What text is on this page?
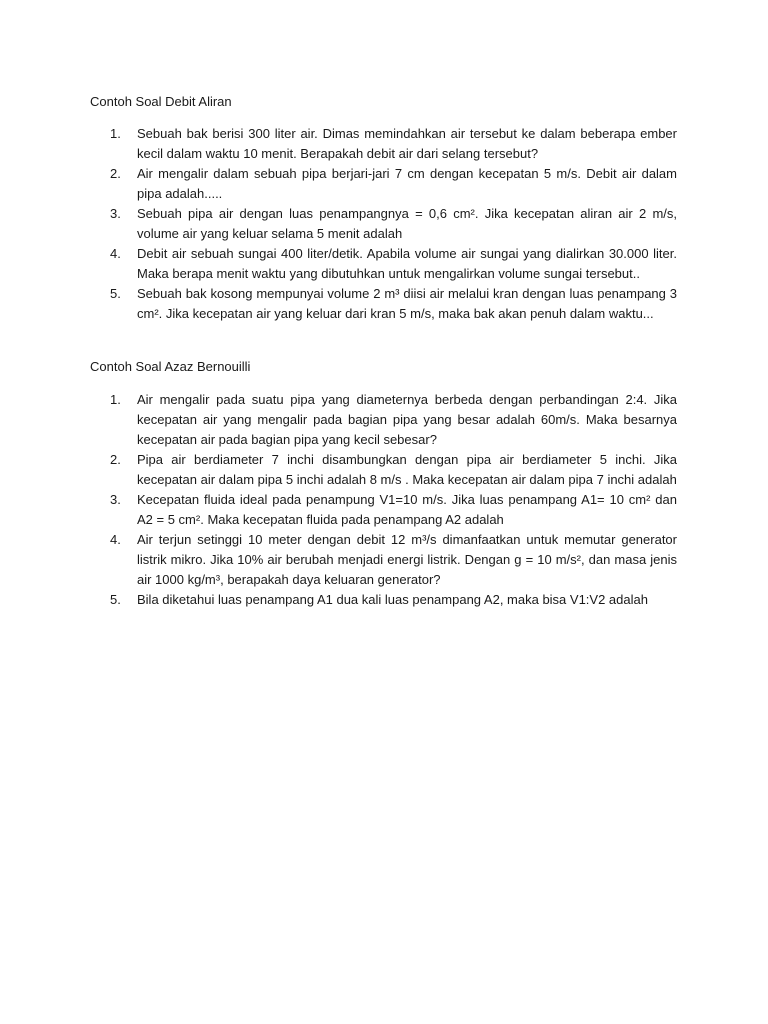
Contoh Soal Debit Aliran
1. Sebuah bak berisi 300 liter air. Dimas memindahkan air tersebut ke dalam beberapa ember kecil dalam waktu 10 menit. Berapakah debit air dari selang tersebut?
2. Air mengalir dalam sebuah pipa berjari-jari 7 cm dengan kecepatan 5 m/s. Debit air dalam pipa adalah.....
3. Sebuah pipa air dengan luas penampangnya = 0,6 cm². Jika kecepatan aliran air 2 m/s, volume air yang keluar selama 5 menit adalah
4. Debit air sebuah sungai 400 liter/detik. Apabila volume air sungai yang dialirkan 30.000 liter. Maka berapa menit waktu yang dibutuhkan untuk mengalirkan volume sungai tersebut..
5. Sebuah bak kosong mempunyai volume 2 m³ diisi air melalui kran dengan luas penampang 3 cm². Jika kecepatan air yang keluar dari kran 5 m/s, maka bak akan penuh dalam waktu...
Contoh Soal Azaz Bernouilli
1. Air mengalir pada suatu pipa yang diameternya berbeda dengan perbandingan 2:4. Jika kecepatan air yang mengalir pada bagian pipa yang besar adalah 60m/s. Maka besarnya kecepatan air pada bagian pipa yang kecil sebesar?
2. Pipa air berdiameter 7 inchi disambungkan dengan pipa air berdiameter 5 inchi. Jika kecepatan air dalam pipa 5 inchi adalah 8 m/s . Maka kecepatan air dalam pipa 7 inchi adalah
3. Kecepatan fluida ideal pada penampung V1=10 m/s. Jika luas penampang A1= 10 cm² dan A2 = 5 cm². Maka kecepatan fluida pada penampang A2 adalah
4. Air terjun setinggi 10 meter dengan debit 12 m³/s dimanfaatkan untuk memutar generator listrik mikro. Jika 10% air berubah menjadi energi listrik. Dengan g = 10 m/s², dan masa jenis air 1000 kg/m³, berapakah daya keluaran generator?
5. Bila diketahui luas penampang A1 dua kali luas penampang A2, maka bisa V1:V2 adalah
